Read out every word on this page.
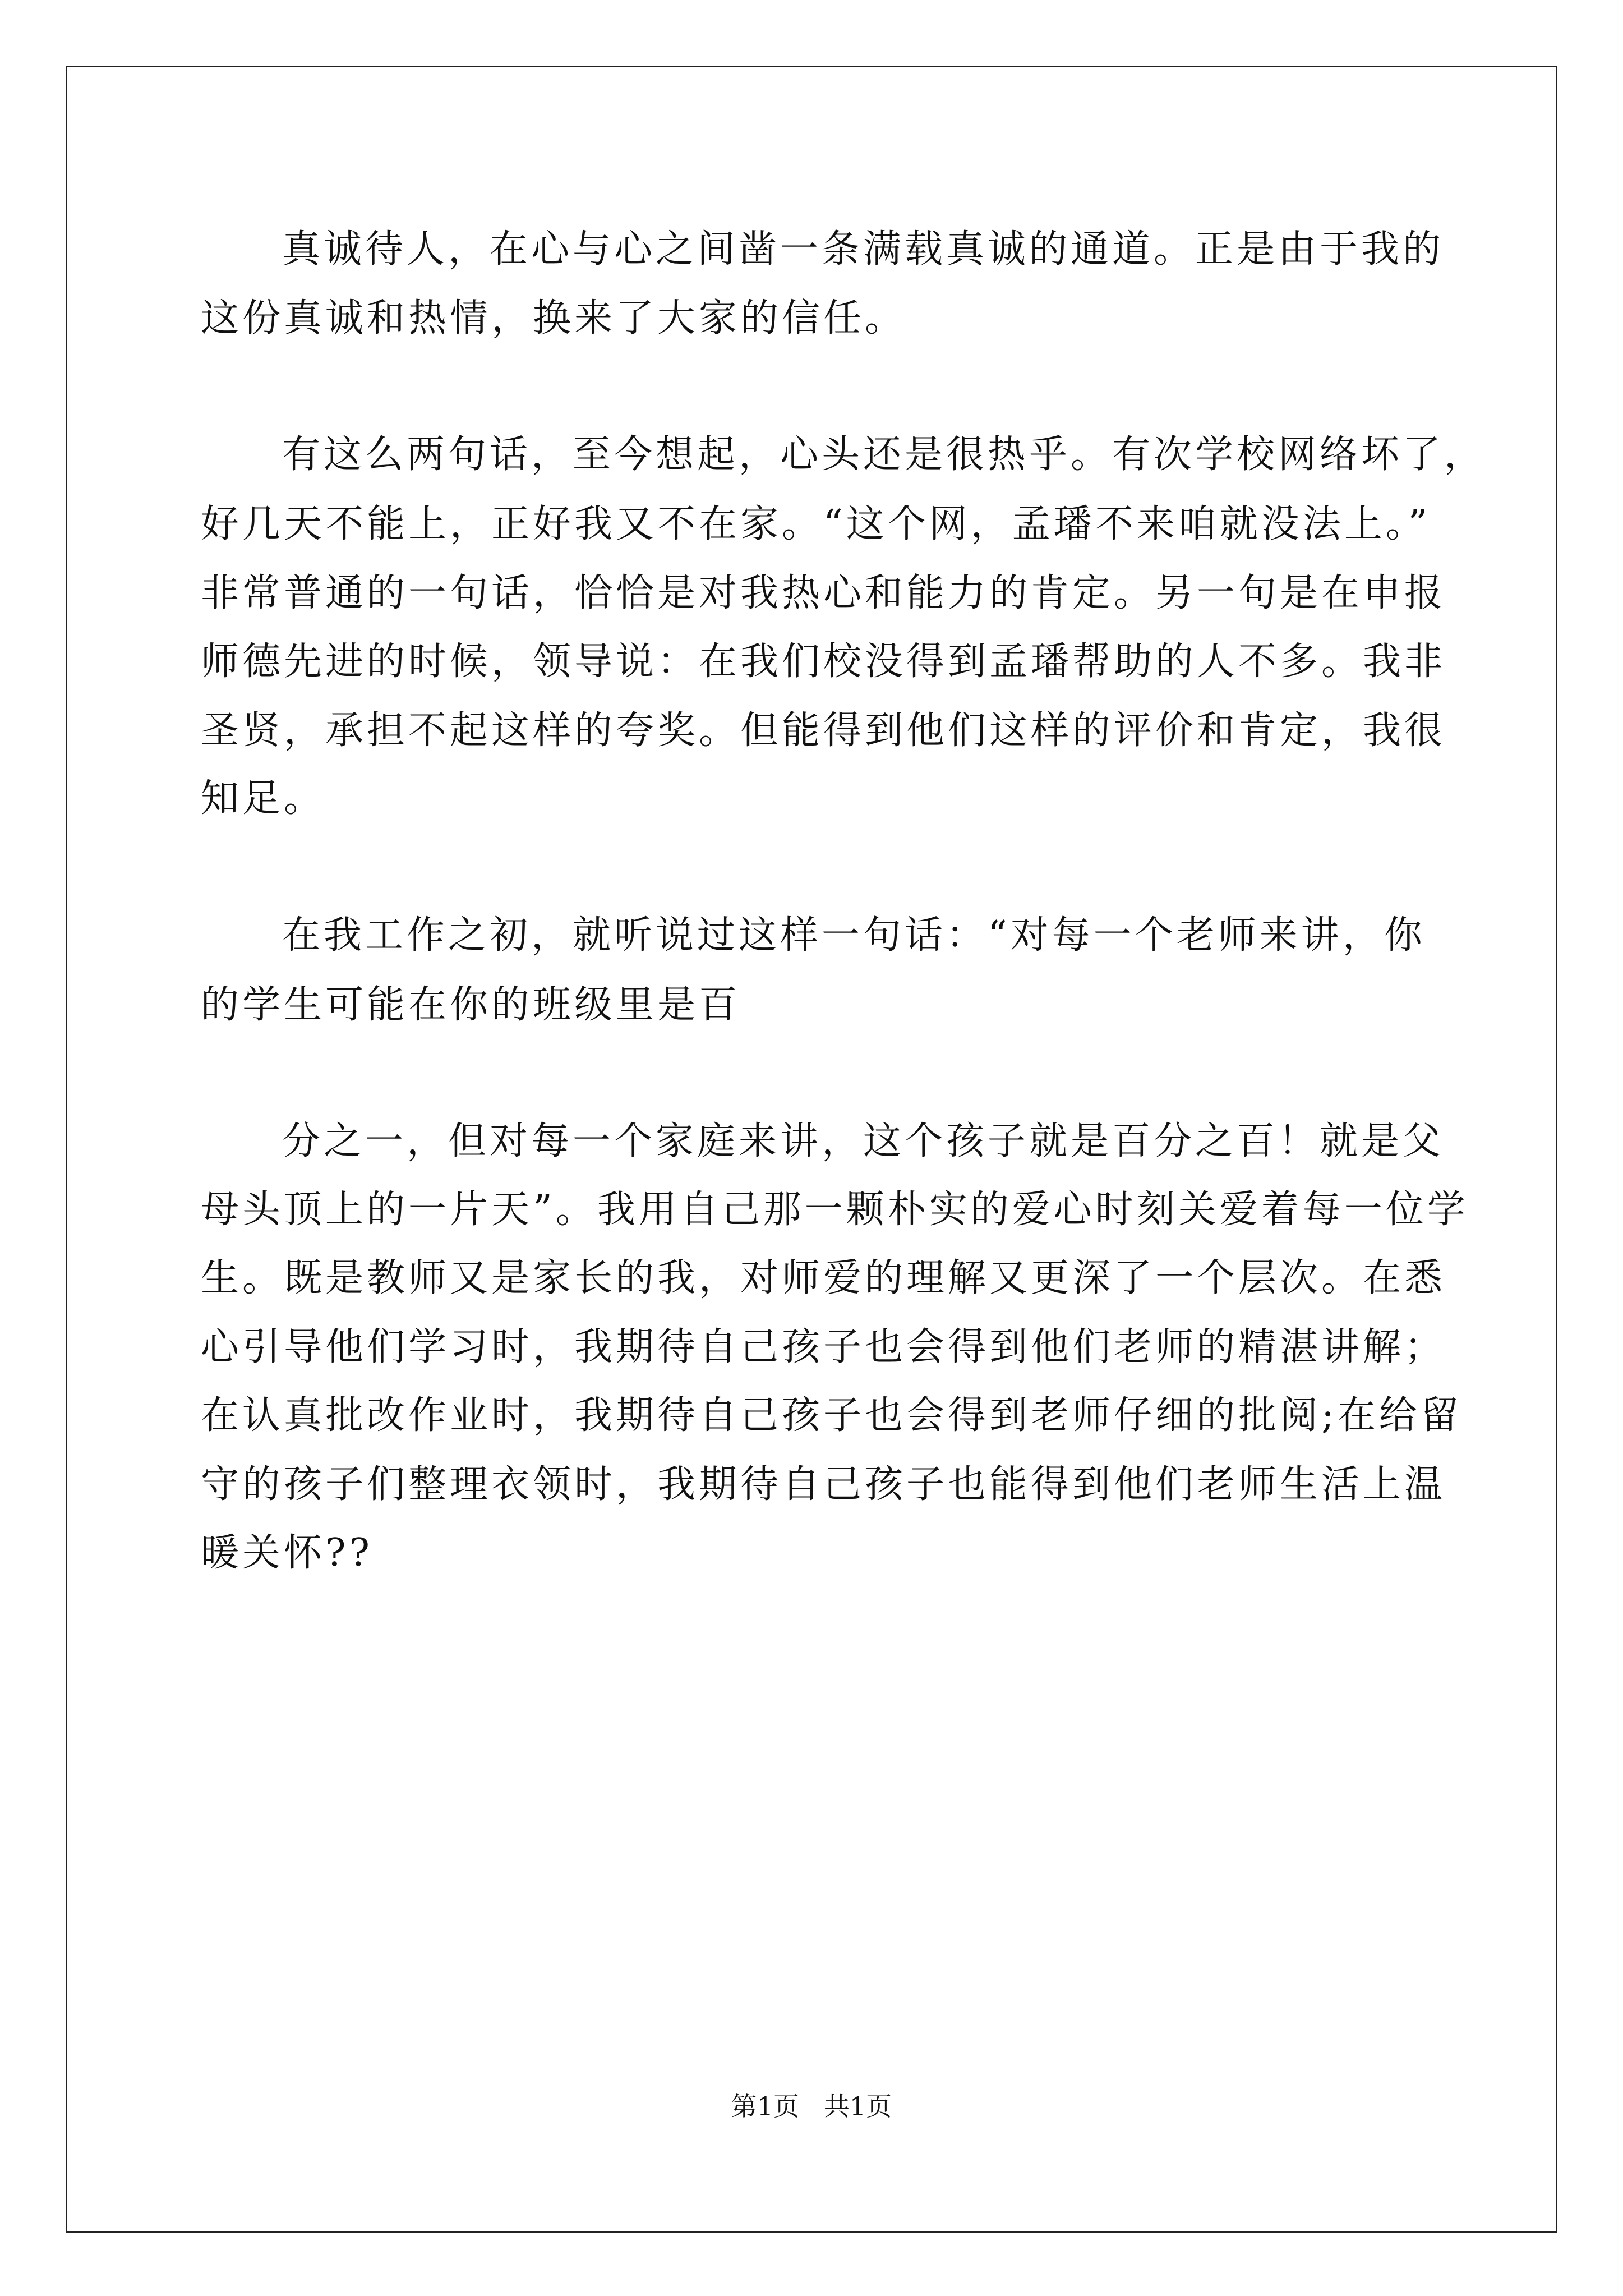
真诚待人，在心与心之间凿一条满载真诚的通道。正是由于我的
这份真诚和热情，换来了大家的信任。
有这么两句话，至今想起，心头还是很热乎。有次学校网络坏了，
好几天不能上，正好我又不在家。“这个网，孟璠不来咱就没法上。”
非常普通的一句话，恰恰是对我热心和能力的肯定。另一句是在申报
师德先进的时候，领导说：在我们校没得到孟璠帮助的人不多。我非
圣贤，承担不起这样的夸奖。但能得到他们这样的评价和肯定，我很
知足。
在我工作之初，就听说过这样一句话：“对每一个老师来讲，你
的学生可能在你的班级里是百
分之一，但对每一个家庭来讲，这个孩子就是百分之百！就是父
母头顶上的一片天”。我用自己那一颗朴实的爱心时刻关爱着每一位学
生。既是教师又是家长的我，对师爱的理解又更深了一个层次。在悉
心引导他们学习时，我期待自己孩子也会得到他们老师的精湛讲解；
在认真批改作业时，我期待自己孩子也会得到老师仔细的批阅;在给留
守的孩子们整理衣领时，我期待自己孩子也能得到他们老师生活上温
暖关怀??
第1页   共1页
